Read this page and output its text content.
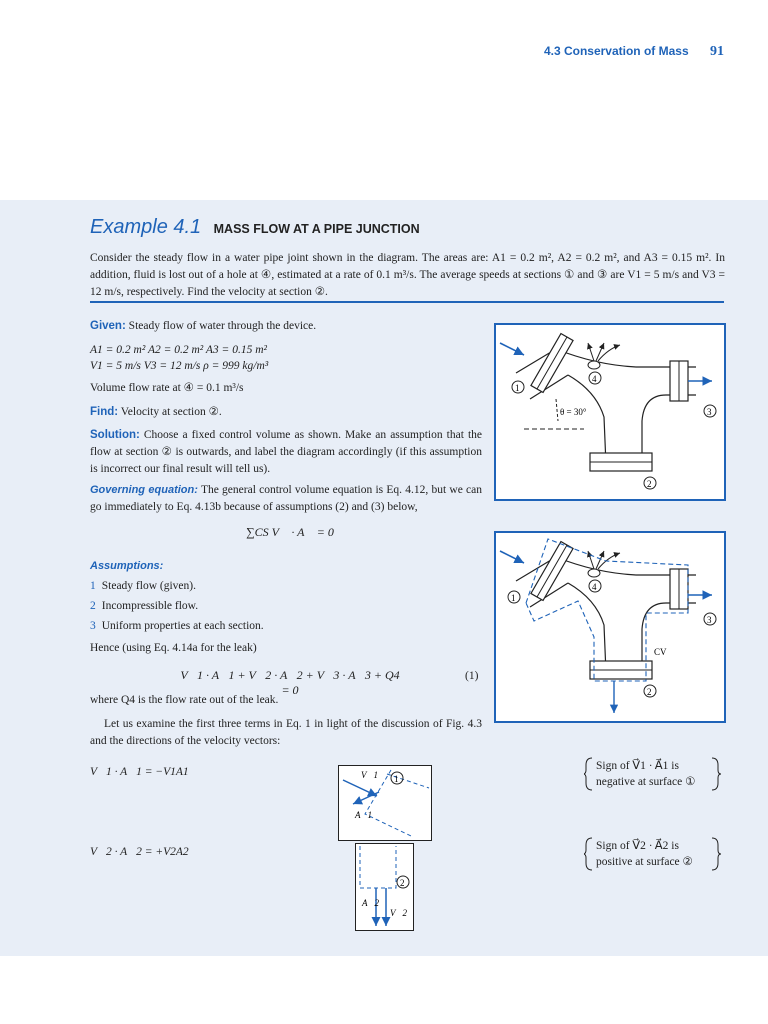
4.3 Conservation of Mass 91
Example 4.1 MASS FLOW AT A PIPE JUNCTION
Consider the steady flow in a water pipe joint shown in the diagram. The areas are: A1 = 0.2 m², A2 = 0.2 m², and A3 = 0.15 m². In addition, fluid is lost out of a hole at ④, estimated at a rate of 0.1 m³/s. The average speeds at sections ① and ③ are V1 = 5 m/s and V3 = 12 m/s, respectively. Find the velocity at section ②.
Given: Steady flow of water through the device.
A1 = 0.2 m² A2 = 0.2 m² A3 = 0.15 m²
V1 = 5 m/s V3 = 12 m/s ρ = 999 kg/m³
Volume flow rate at ④ = 0.1 m³/s
Find: Velocity at section ②.
Solution: Choose a fixed control volume as shown. Make an assumption that the flow at section ② is outwards, and label the diagram accordingly (if this assumption is incorrect our final result will tell us).
Governing equation: The general control volume equation is Eq. 4.12, but we can go immediately to Eq. 4.13b because of assumptions (2) and (3) below,
∑CS V⃗ · A⃗ = 0
Assumptions:
1 Steady flow (given).
2 Incompressible flow.
3 Uniform properties at each section.
Hence (using Eq. 4.14a for the leak)
V⃗1 · A⃗1 + V⃗2 · A⃗2 + V⃗3 · A⃗3 + Q4 = 0
(1)
where Q4 is the flow rate out of the leak.
Let us examine the first three terms in Eq. 1 in light of the discussion of Fig. 4.3 and the directions of the velocity vectors:
V⃗1 · A⃗1 = −V1A1
V⃗2 · A⃗2 = +V2A2
Sign of V⃗1 · A⃗1 is
negative at surface ①
Sign of V⃗2 · A⃗2 is
positive at surface ②
θ = 30°
1
4
3
2
CV
1
4
3
2
V⃗1
A⃗1
1
A⃗2
V⃗2
2
